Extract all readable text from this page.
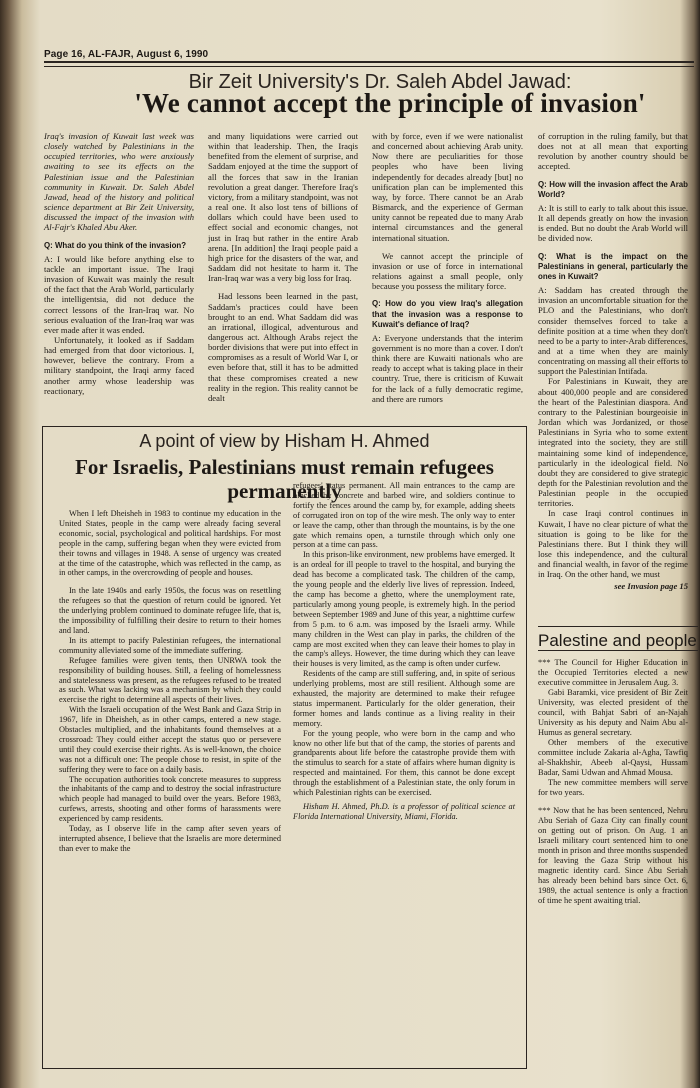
Page 16, AL-FAJR, August 6, 1990
Bir Zeit University's Dr. Saleh Abdel Jawad:
'We cannot accept the principle of invasion'

Iraq's invasion of Kuwait last week was closely watched by Palestinians in the occupied territories, who were anxiously awaiting to see its effects on the Palestinian issue and the Palestinian community in Kuwait. Dr. Saleh Abdel Jawad, head of the history and political science department at Bir Zeit University, discussed the impact of the invasion with Al-Fajr's Khaled Abu Aker.

Q: What do you think of the invasion?

A: I would like before anything else to tackle an important issue. The Iraqi invasion of Kuwait was mainly the result of the fact that the Arab World, particularly the intelligentsia, did not deduce the correct lessons of the Iran-Iraq war. No serious evaluation of the Iran-Iraq war was ever made after it was ended.

Unfortunately, it looked as if Saddam had emerged from that door victorious. I, however, believe the contrary. From a military standpoint, the Iraqi army faced another army whose leadership was reactionary,

and many liquidations were carried out within that leadership. Then, the Iraqis benefited from the element of surprise, and Saddam enjoyed at the time the support of all the forces that saw in the Iranian revolution a great danger. Therefore Iraq's victory, from a military standpoint, was not a real one. It also lost tens of billions of dollars which could have been used to effect social and economic changes, not just in Iraq but rather in the entire Arab arena. [In addition] the Iraqi people paid a high price for the disasters of the war, and Saddam did not hesitate to harm it. The Iran-Iraq war was a very big loss for Iraq.

Had lessons been learned in the past, Saddam's practices could have been brought to an end. What Saddam did was an irrational, illogical, adventurous and dangerous act. Although Arabs reject the border divisions that were put into effect in compromises as a result of World War I, or even before that, still it has to be admitted that these compromises created a new reality in the region. This reality cannot be dealt

with by force, even if we were nationalist and concerned about achieving Arab unity. Now there are peculiarities for those peoples who have been living independently for decades already [but] no unification plan can be implemented this way, by force. There cannot be an Arab Bismarck, and the experience of German unity cannot be repeated due to many Arab internal circumstances and the general international situation.

We cannot accept the principle of invasion or use of force in international relations against a small people, only because you possess the military force.

Q: How do you view Iraq's allegation that the invasion was a response to Kuwait's defiance of Iraq?

A: Everyone understands that the interim government is no more than a cover. I don't think there are Kuwaiti nationals who are ready to accept what is taking place in their country. True, there is criticism of Kuwait for the lack of a fully democratic regime, and there are rumors

of corruption in the ruling family, but that does not at all mean that exporting revolution by another country should be accepted.

Q: How will the invasion affect the Arab World?

A: It is still to early to talk about this issue. It all depends greatly on how the invasion is ended. But no doubt the Arab World will be divided now.

Q: What is the impact on the Palestinians in general, particularly the ones in Kuwait?

A: Saddam has created through the invasion an uncomfortable situation for the PLO and the Palestinians, who don't consider themselves forced to take a definite position at a time when they don't need to be a party to inter-Arab differences, and at a time when they are mainly concentrating on massing all their efforts to support the Palestinian Intifada.

For Palestinians in Kuwait, they are about 400,000 people and are considered the heart of the Palestinian diaspora. And contrary to the Palestinian bourgeoisie in Jordan which was Jordanized, or those Palestinians in Syria who to some extent integrated into the society, they are still maintaining some kind of independence, particularly in the ideological field. No doubt they are considered to give strategic depth for the Palestinian revolution and the Palestinian people in the occupied territories.

In case Iraqi control continues in Kuwait, I have no clear picture of what the situation is going to be like for the Palestinians there. But I think they will lose this independence, and the cultural and financial wealth, in favor of the regime in Iraq. On the other hand, we must

see Invasion page 15

A point of view by Hisham H. Ahmed
For Israelis, Palestinians must remain refugees permanently

When I left Dheisheh in 1983 to continue my education in the United States, people in the camp were already facing several economic, social, psychological and political hardships. For most people in the camp, suffering began when they were evicted from their towns and villages in 1948. A sense of urgency was created at the time of the catastrophe, which was reflected in the camp, as in other camps, in the overcrowding of people and houses.

In the late 1940s and early 1950s, the focus was on resettling the refugees so that the question of return could be ignored. Yet the underlying problem continued to dominate refugee life, that is, the impossibility of fulfilling their desire to return to their homes and land.

In its attempt to pacify Palestinian refugees, the international community alleviated some of the immediate suffering.

Refugee families were given tents, then UNRWA took the responsibility of building houses. Still, a feeling of homelessness and statelessness was present, as the refugees refused to be treated as such. What was lacking was a mechanism by which they could exercise the right to determine all aspects of their lives.

With the Israeli occupation of the West Bank and Gaza Strip in 1967, life in Dheisheh, as in other camps, entered a new stage. Obstacles multiplied, and the inhabitants found themselves at a crossroad: They could either accept the status quo or persevere until they could exercise their rights. As is well-known, the choice was not a difficult one: The people chose to resist, in spite of the suffering they were to face on a daily basis.

The occupation authorities took concrete measures to suppress the inhabitants of the camp and to destroy the social infrastructure which people had managed to build over the years. Before 1983, curfews, arrests, shooting and other forms of harassments were experienced by camp residents.

Today, as I observe life in the camp after seven years of interrupted absence, I believe that the Israelis are more determined than ever to make the

refugees' status permanent. All main entrances to the camp are blocked by concrete and barbed wire, and soldiers continue to fortify the fences around the camp by, for example, adding sheets of corrugated iron on top of the wire mesh. The only way to enter or leave the camp, other than through the mountains, is by the one gate which remains open, a turnstile through which only one person at a time can pass.

In this prison-like environment, new problems have emerged. It is an ordeal for ill people to travel to the hospital, and burying the dead has become a complicated task. The children of the camp, the young people and the elderly live lives of repression. Indeed, the camp has become a ghetto, where the unemployment rate, particularly among young people, is extremely high. In the period between September 1989 and June of this year, a nighttime curfew from 5 p.m. to 6 a.m. was imposed by the Israeli army. While many children in the West can play in parks, the children of the camp are most excited when they can leave their homes to play in the camp's alleys. However, the time during which they can leave their houses is very limited, as the camp is often under curfew.

Residents of the camp are still suffering, and, in spite of serious underlying problems, most are still resilient. Although some are exhausted, the majority are determined to make their refugee status impermanent. Particularly for the older generation, their former homes and lands continue as a living reality in their memory.

For the young people, who were born in the camp and who know no other life but that of the camp, the stories of parents and grandparents about life before the catastrophe provide them with the stimulus to search for a state of affairs where human dignity is respected and maintained. For them, this cannot be done except through the establishment of a Palestinian state, the only forum in which Palestinian rights can be exercised.

Hisham H. Ahmed, Ph.D. is a professor of political science at Florida International University, Miami, Florida.

Palestine and people

*** The Council for Higher Education in the Occupied Territories elected a new executive committee in Jerusalem Aug. 3.

Gabi Baramki, vice president of Bir Zeit University, was elected president of the council, with Bahjat Sabri of an-Najah University as his deputy and Naim Abu al-Humus as general secretary.

Other members of the executive committee include Zakaria al-Agha, Tawfiq al-Shakhshir, Abeeb al-Qaysi, Hussam Badar, Sami Udwan and Ahmad Mousa.

The new committee members will serve for two years.

*** Now that he has been sentenced, Nehru Abu Seriah of Gaza City can finally count on getting out of prison. On Aug. 1 an Israeli military court sentenced him to one month in prison and three months suspended for leaving the Gaza Strip without his magnetic identity card. Since Abu Seriah has already been behind bars since Oct. 6, 1989, the actual sentence is only a fraction of time he spent awaiting trial.
